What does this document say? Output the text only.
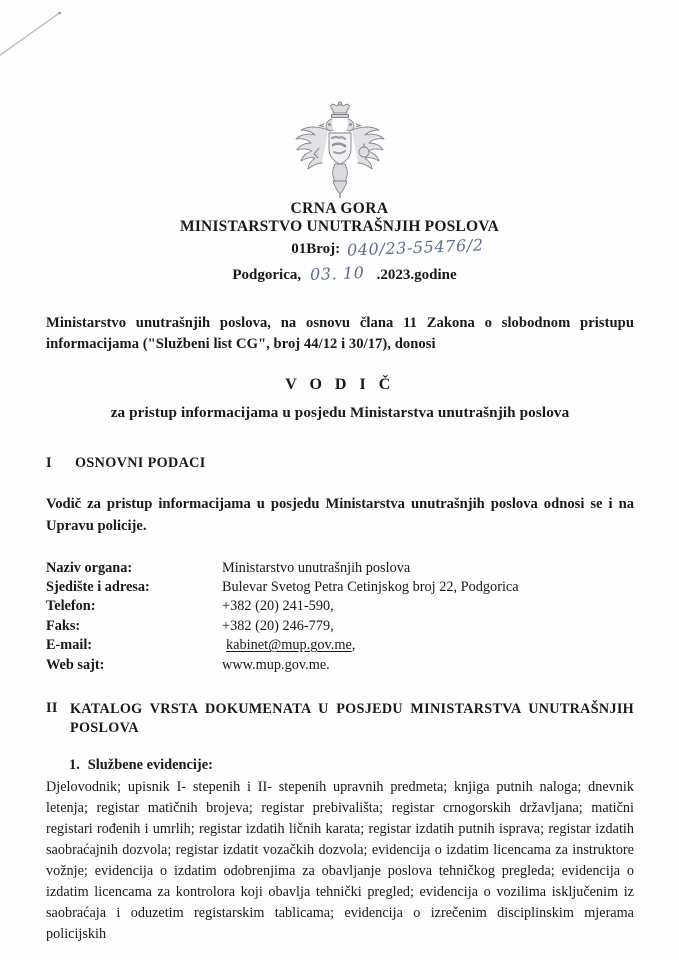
CRNA GORA
MINISTARSTVO UNUTRAŠNJIH POSLOVA
01Broj: 040/23-55476/2
Podgorica, 03. 10 .2023.godine

Ministarstvo unutrašnjih poslova, na osnovu člana 11 Zakona o slobodnom pristupu informacijama ("Službeni list CG", broj 44/12 i 30/17), donosi

V O D I Č
za pristup informacijama u posjedu Ministarstva unutrašnjih poslova
I	OSNOVNI PODACI

Vodič za pristup informacijama u posjedu Ministarstva unutrašnjih poslova odnosi se i na Upravu policije.

Naziv organa:	Ministarstvo unutrašnjih poslova
Sjedište i adresa:	Bulevar Svetog Petra Cetinjskog broj 22, Podgorica
Telefon:	+382 (20) 241-590,
Faks:	+382 (20) 246-779,
E-mail:	kabinet@mup.gov.me,
Web sajt:	www.mup.gov.me.
II KATALOG VRSTA DOKUMENATA U POSJEDU MINISTARSTVA UNUTRAŠNJIH
POSLOVA
1. Službene evidencije:

Djelovodnik; upisnik I- stepenih i II- stepenih upravnih predmeta; knjiga putnih naloga; dnevnik letenja; registar matičnih brojeva; registar prebivališta; registar crnogorskih državljana; matični registari rođenih i umrlih; registar izdatih ličnih karata; registar izdatih putnih isprava; registar izdatih saobraćajnih dozvola; registar izdatit vozačkih dozvola; evidencija o izdatim licencama za instruktore vožnje; evidencija o izdatim odobrenjima za obavljanje poslova tehničkog pregleda; evidencija o izdatim licencama za kontrolora koji obavlja tehnički pregled; evidencija o vozilima isključenim iz saobraćaja i oduzetim registarskim tablicama; evidencija o izrečenim disciplinskim mjerama policijskih
